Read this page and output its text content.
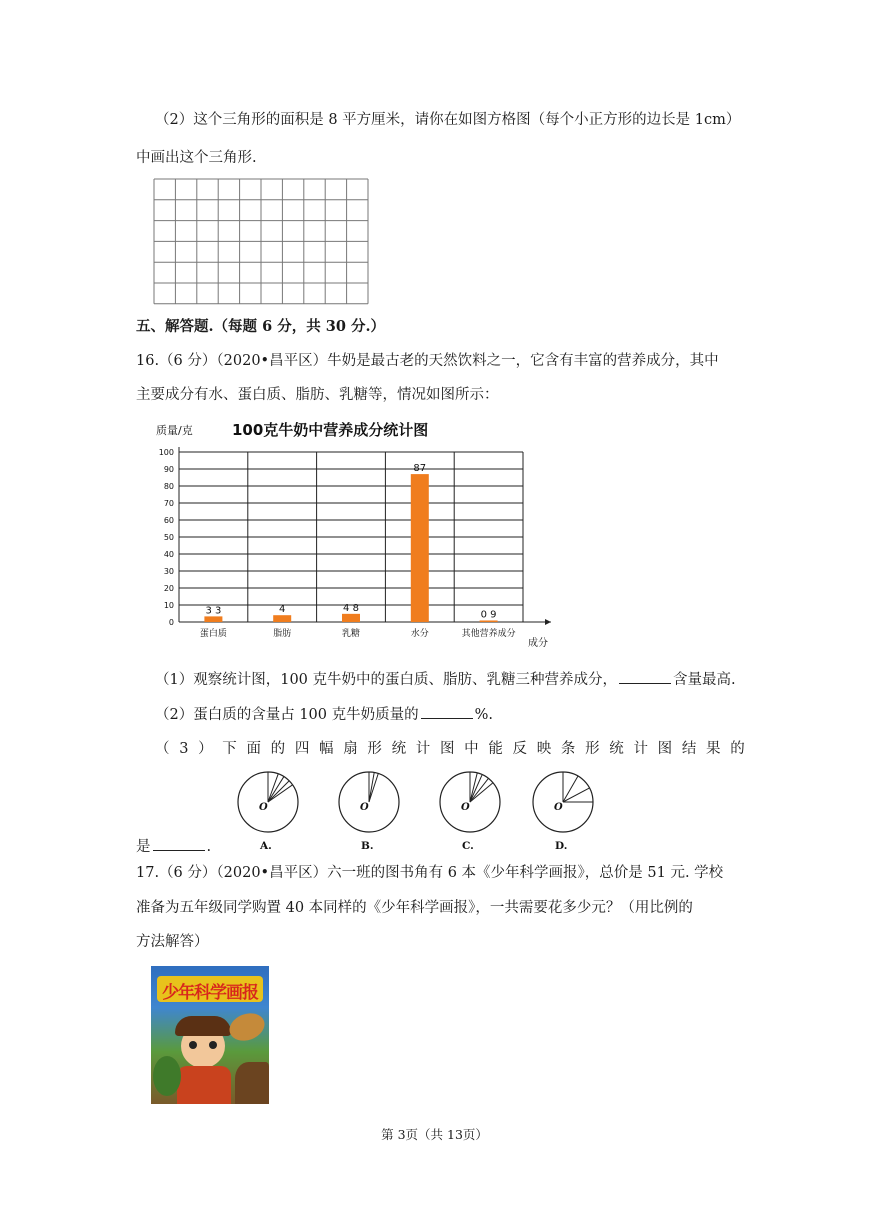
（2）这个三角形的面积是 8 平方厘米，请你在如图方格图（每个小正方形的边长是 1cm）
中画出这个三角形.
五、解答题.（每题 6 分，共 30 分.）
16.（6 分）（2020•昌平区）牛奶是最古老的天然饮料之一，它含有丰富的营养成分，其中
主要成分有水、蛋白质、脂肪、乳糖等，情况如图所示：
质量/克	100克牛奶中营养成分统计图
0
10
20
30
40
50
60
70
80
90
100
3 3	4	4 8
87
0 9
蛋白质	脂肪	乳糖	水分	其他营养成分
成分
（1）观察统计图，100 克牛奶中的蛋白质、脂肪、乳糖三种营养成分，	含量最高.
（2）蛋白质的含量占 100 克牛奶质量的	%.
（ 3 ） 下 面 的 四 幅 扇 形 统 计 图 中 能 反 映 条 形 统 计 图 结 果 的
O
A.
O
B.
O
C.
O
D.
是	.
17.（6 分）（2020•昌平区）六一班的图书角有 6 本《少年科学画报》，总价是 51 元. 学校
准备为五年级同学购置 40 本同样的《少年科学画报》，一共需要花多少元？（用比例的
方法解答）
少年科学画报
第 3页（共 13页）
